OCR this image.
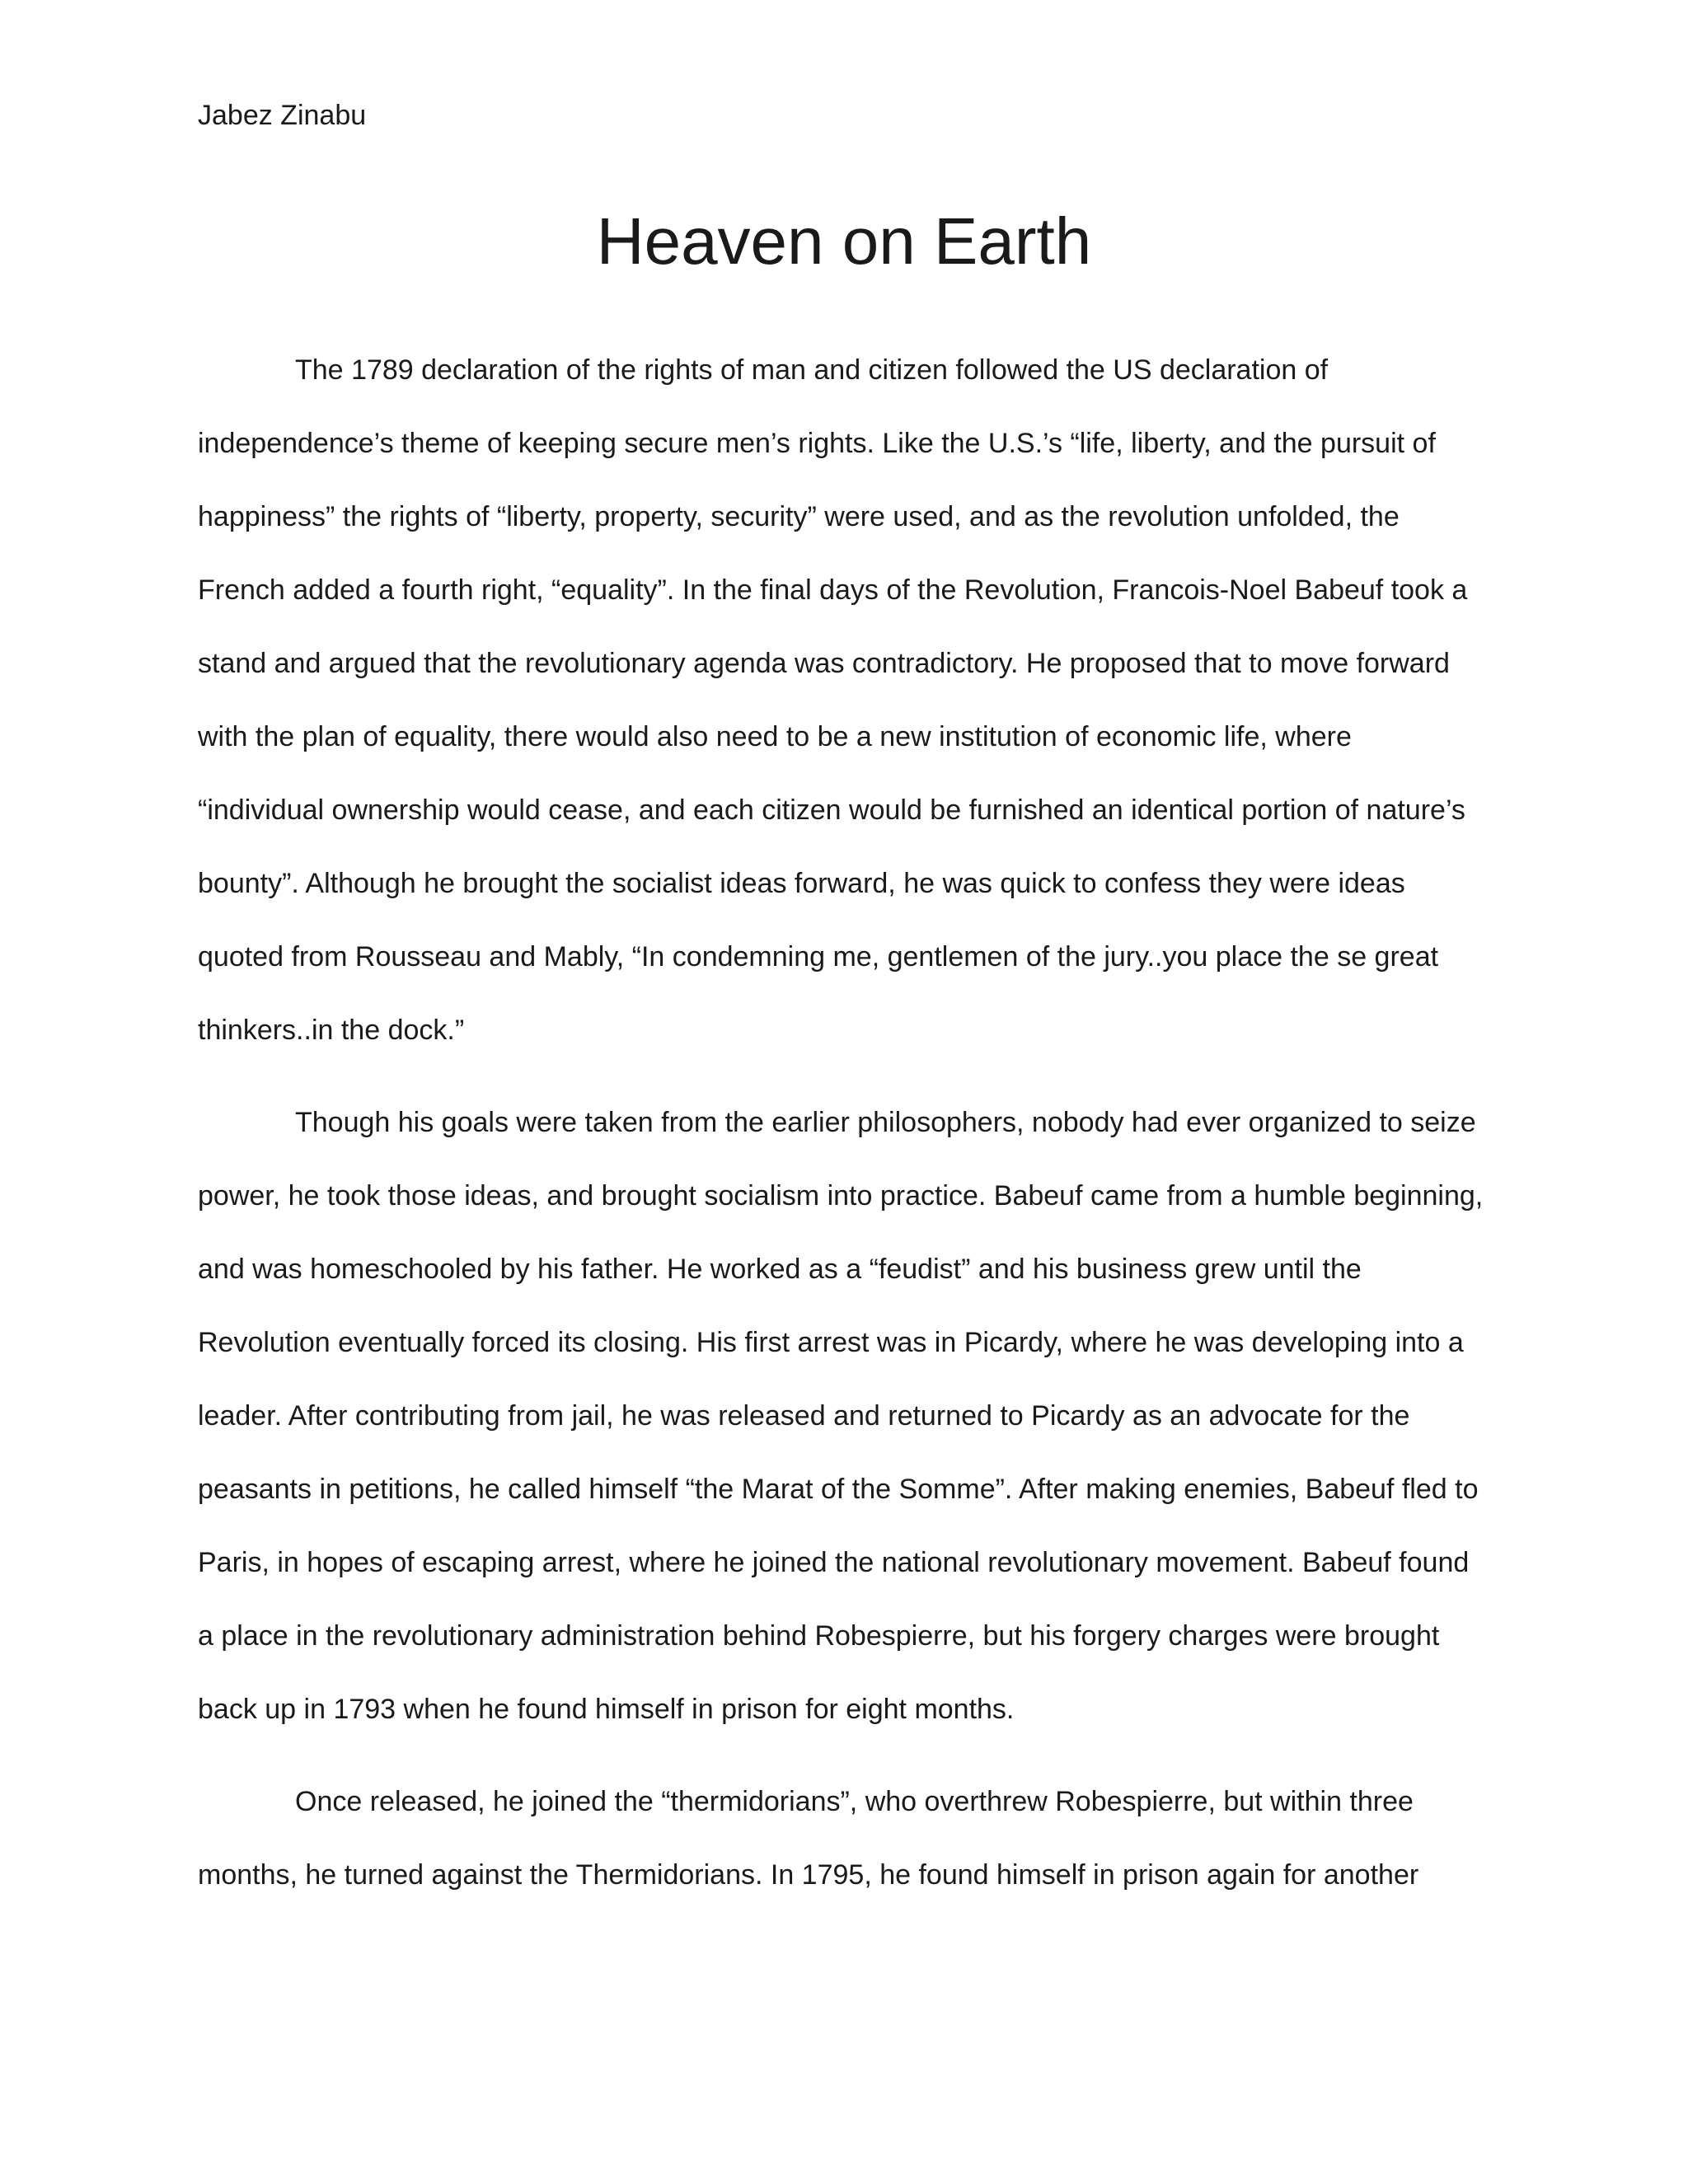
Jabez Zinabu
Heaven on Earth
The 1789 declaration of the rights of man and citizen followed the US declaration of
independence’s theme of keeping secure men’s rights. Like the U.S.’s “life, liberty, and the pursuit of
happiness” the rights of “liberty, property, security” were used, and as the revolution unfolded, the
French added a fourth right, “equality”. In the final days of the Revolution, Francois-Noel Babeuf took a
stand and argued that the revolutionary agenda was contradictory. He proposed that to move forward
with the plan of equality, there would also need to be a new institution of economic life, where
“individual ownership would cease, and each citizen would be furnished an identical portion of nature’s
bounty”. Although he brought the socialist ideas forward, he was quick to confess they were ideas
quoted from Rousseau and Mably, “In condemning me, gentlemen of the jury..you place the se great
thinkers..in the dock.”
Though his goals were taken from the earlier philosophers, nobody had ever organized to seize
power, he took those ideas, and brought socialism into practice. Babeuf came from a humble beginning,
and was homeschooled by his father. He worked as a “feudist” and his business grew until the
Revolution eventually forced its closing. His first arrest was in Picardy, where he was developing into a
leader. After contributing from jail, he was released and returned to Picardy as an advocate for the
peasants in petitions, he called himself “the Marat of the Somme”. After making enemies, Babeuf fled to
Paris, in hopes of escaping arrest, where he joined the national revolutionary movement. Babeuf found
a place in the revolutionary administration behind Robespierre, but his forgery charges were brought
back up in 1793 when he found himself in prison for eight months.
Once released, he joined the “thermidorians”, who overthrew Robespierre, but within three
months, he turned against the Thermidorians. In 1795, he found himself in prison again for another
